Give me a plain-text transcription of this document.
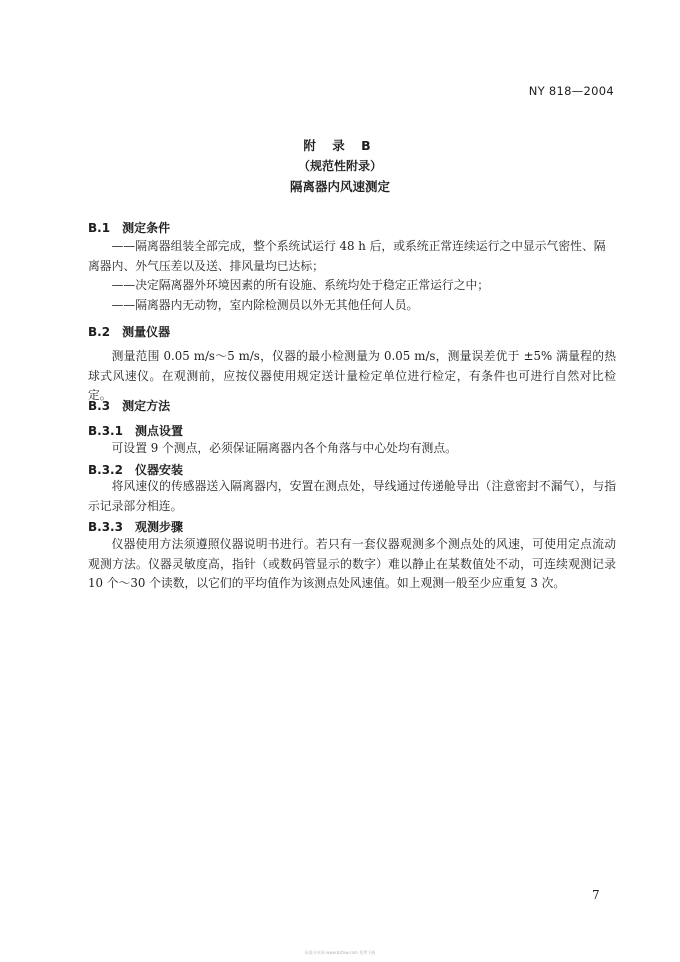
NY 818—2004
附 录 B
（规范性附录）
隔离器内风速测定
B.1 测定条件
——隔离器组装全部完成，整个系统试运行 48 h 后，或系统正常连续运行之中显示气密性、隔离器内、外气压差以及送、排风量均已达标；
——决定隔离器外环境因素的所有设施、系统均处于稳定正常运行之中；
——隔离器内无动物，室内除检测员以外无其他任何人员。
B.2 测量仪器

测量范围 0.05 m/s～5 m/s，仪器的最小检测量为 0.05 m/s，测量误差优于 ±5% 满量程的热球式风速仪。在观测前，应按仪器使用规定送计量检定单位进行检定，有条件也可进行自然对比检定。

B.3 测定方法
B.3.1 测点设置

可设置 9 个测点，必须保证隔离器内各个角落与中心处均有测点。

B.3.2 仪器安装

将风速仪的传感器送入隔离器内，安置在测点处，导线通过传递舱导出（注意密封不漏气），与指示记录部分相连。

B.3.3 观测步骤

仪器使用方法须遵照仪器说明书进行。若只有一套仪器观测多个测点处的风速，可使用定点流动观测方法。仪器灵敏度高，指针（或数码管显示的数字）难以静止在某数值处不动，可连续观测记录 10 个～30 个读数，以它们的平均值作为该测点处风速值。如上观测一般至少应重复 3 次。

7
标准分享网 www.bzfxw.com 免费下载
